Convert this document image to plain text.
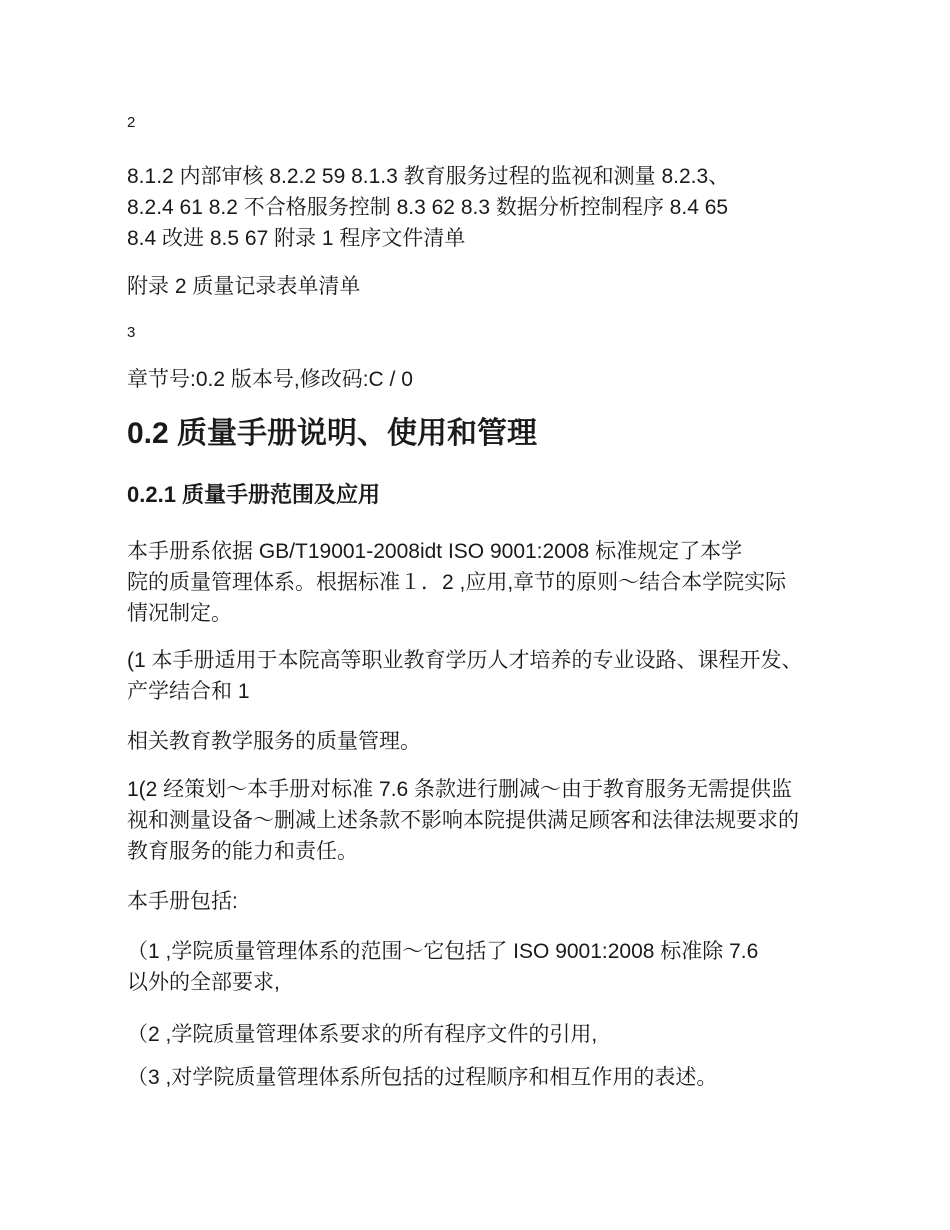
2
8.1.2 内部审核 8.2.2 59 8.1.3 教育服务过程的监视和测量 8.2.3、
8.2.4 61 8.2 不合格服务控制 8.3 62 8.3 数据分析控制程序 8.4 65
8.4 改进 8.5 67 附录 1 程序文件清单
附录 2 质量记录表单清单
3
章节号:0.2 版本号,修改码:C / 0
0.2 质量手册说明、使用和管理
0.2.1 质量手册范围及应用
本手册系依据 GB/T19001-2008idt ISO 9001:2008 标准规定了本学
院的质量管理体系。根据标准１．2 ,应用,章节的原则～结合本学院实际
情况制定。
(1 本手册适用于本院高等职业教育学历人才培养的专业设路、课程开发、
产学结合和 1
相关教育教学服务的质量管理。
1(2 经策划～本手册对标准 7.6 条款进行删减～由于教育服务无需提供监
视和测量设备～删减上述条款不影响本院提供满足顾客和法律法规要求的
教育服务的能力和责任。
本手册包括:
（1 ,学院质量管理体系的范围～它包括了 ISO 9001:2008 标准除 7.6
以外的全部要求,
（2 ,学院质量管理体系要求的所有程序文件的引用,
（3 ,对学院质量管理体系所包括的过程顺序和相互作用的表述。
